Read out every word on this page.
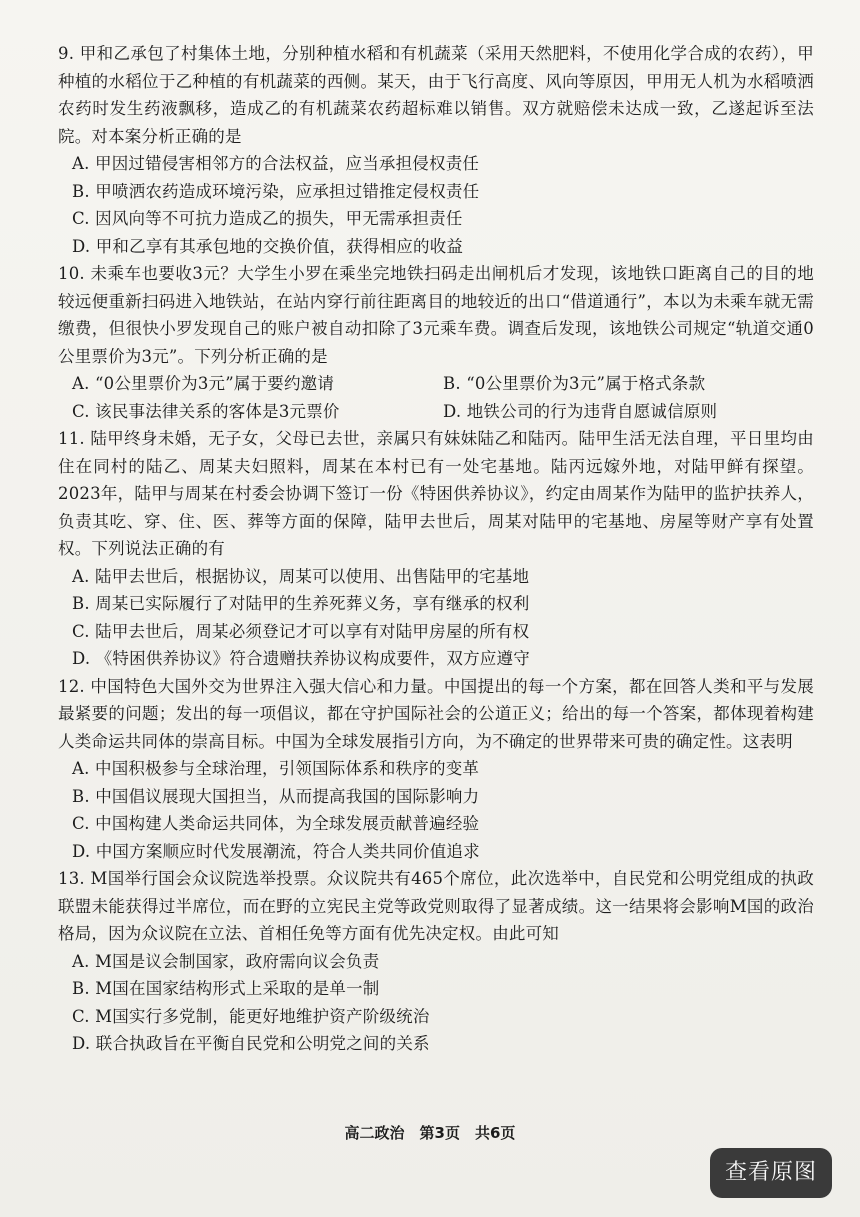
9. 甲和乙承包了村集体土地，分别种植水稻和有机蔬菜（采用天然肥料，不使用化学合成的农药），甲种植的水稻位于乙种植的有机蔬菜的西侧。某天，由于飞行高度、风向等原因，甲用无人机为水稻喷洒农药时发生药液飘移，造成乙的有机蔬菜农药超标难以销售。双方就赔偿未达成一致，乙遂起诉至法院。对本案分析正确的是

A. 甲因过错侵害相邻方的合法权益，应当承担侵权责任

B. 甲喷洒农药造成环境污染，应承担过错推定侵权责任

C. 因风向等不可抗力造成乙的损失，甲无需承担责任

D. 甲和乙享有其承包地的交换价值，获得相应的收益

10. 未乘车也要收3元？大学生小罗在乘坐完地铁扫码走出闸机后才发现，该地铁口距离自己的目的地较远便重新扫码进入地铁站，在站内穿行前往距离目的地较近的出口“借道通行”，本以为未乘车就无需缴费，但很快小罗发现自己的账户被自动扣除了3元乘车费。调查后发现，该地铁公司规定“轨道交通0公里票价为3元”。下列分析正确的是

A. “0公里票价为3元”属于要约邀请	B. “0公里票价为3元”属于格式条款
C. 该民事法律关系的客体是3元票价	D. 地铁公司的行为违背自愿诚信原则

11. 陆甲终身未婚，无子女，父母已去世，亲属只有妹妹陆乙和陆丙。陆甲生活无法自理，平日里均由住在同村的陆乙、周某夫妇照料，周某在本村已有一处宅基地。陆丙远嫁外地，对陆甲鲜有探望。2023年，陆甲与周某在村委会协调下签订一份《特困供养协议》，约定由周某作为陆甲的监护扶养人，负责其吃、穿、住、医、葬等方面的保障，陆甲去世后，周某对陆甲的宅基地、房屋等财产享有处置权。下列说法正确的有

A. 陆甲去世后，根据协议，周某可以使用、出售陆甲的宅基地

B. 周某已实际履行了对陆甲的生养死葬义务，享有继承的权利

C. 陆甲去世后，周某必须登记才可以享有对陆甲房屋的所有权

D. 《特困供养协议》符合遗赠扶养协议构成要件，双方应遵守

12. 中国特色大国外交为世界注入强大信心和力量。中国提出的每一个方案，都在回答人类和平与发展最紧要的问题；发出的每一项倡议，都在守护国际社会的公道正义；给出的每一个答案，都体现着构建人类命运共同体的崇高目标。中国为全球发展指引方向，为不确定的世界带来可贵的确定性。这表明

A. 中国积极参与全球治理，引领国际体系和秩序的变革

B. 中国倡议展现大国担当，从而提高我国的国际影响力

C. 中国构建人类命运共同体，为全球发展贡献普遍经验

D. 中国方案顺应时代发展潮流，符合人类共同价值追求

13. M国举行国会众议院选举投票。众议院共有465个席位，此次选举中，自民党和公明党组成的执政联盟未能获得过半席位，而在野的立宪民主党等政党则取得了显著成绩。这一结果将会影响M国的政治格局，因为众议院在立法、首相任免等方面有优先决定权。由此可知

A. M国是议会制国家，政府需向议会负责

B. M国在国家结构形式上采取的是单一制

C. M国实行多党制，能更好地维护资产阶级统治

D. 联合执政旨在平衡自民党和公明党之间的关系

高二政治　第3页　共6页
查看原图
